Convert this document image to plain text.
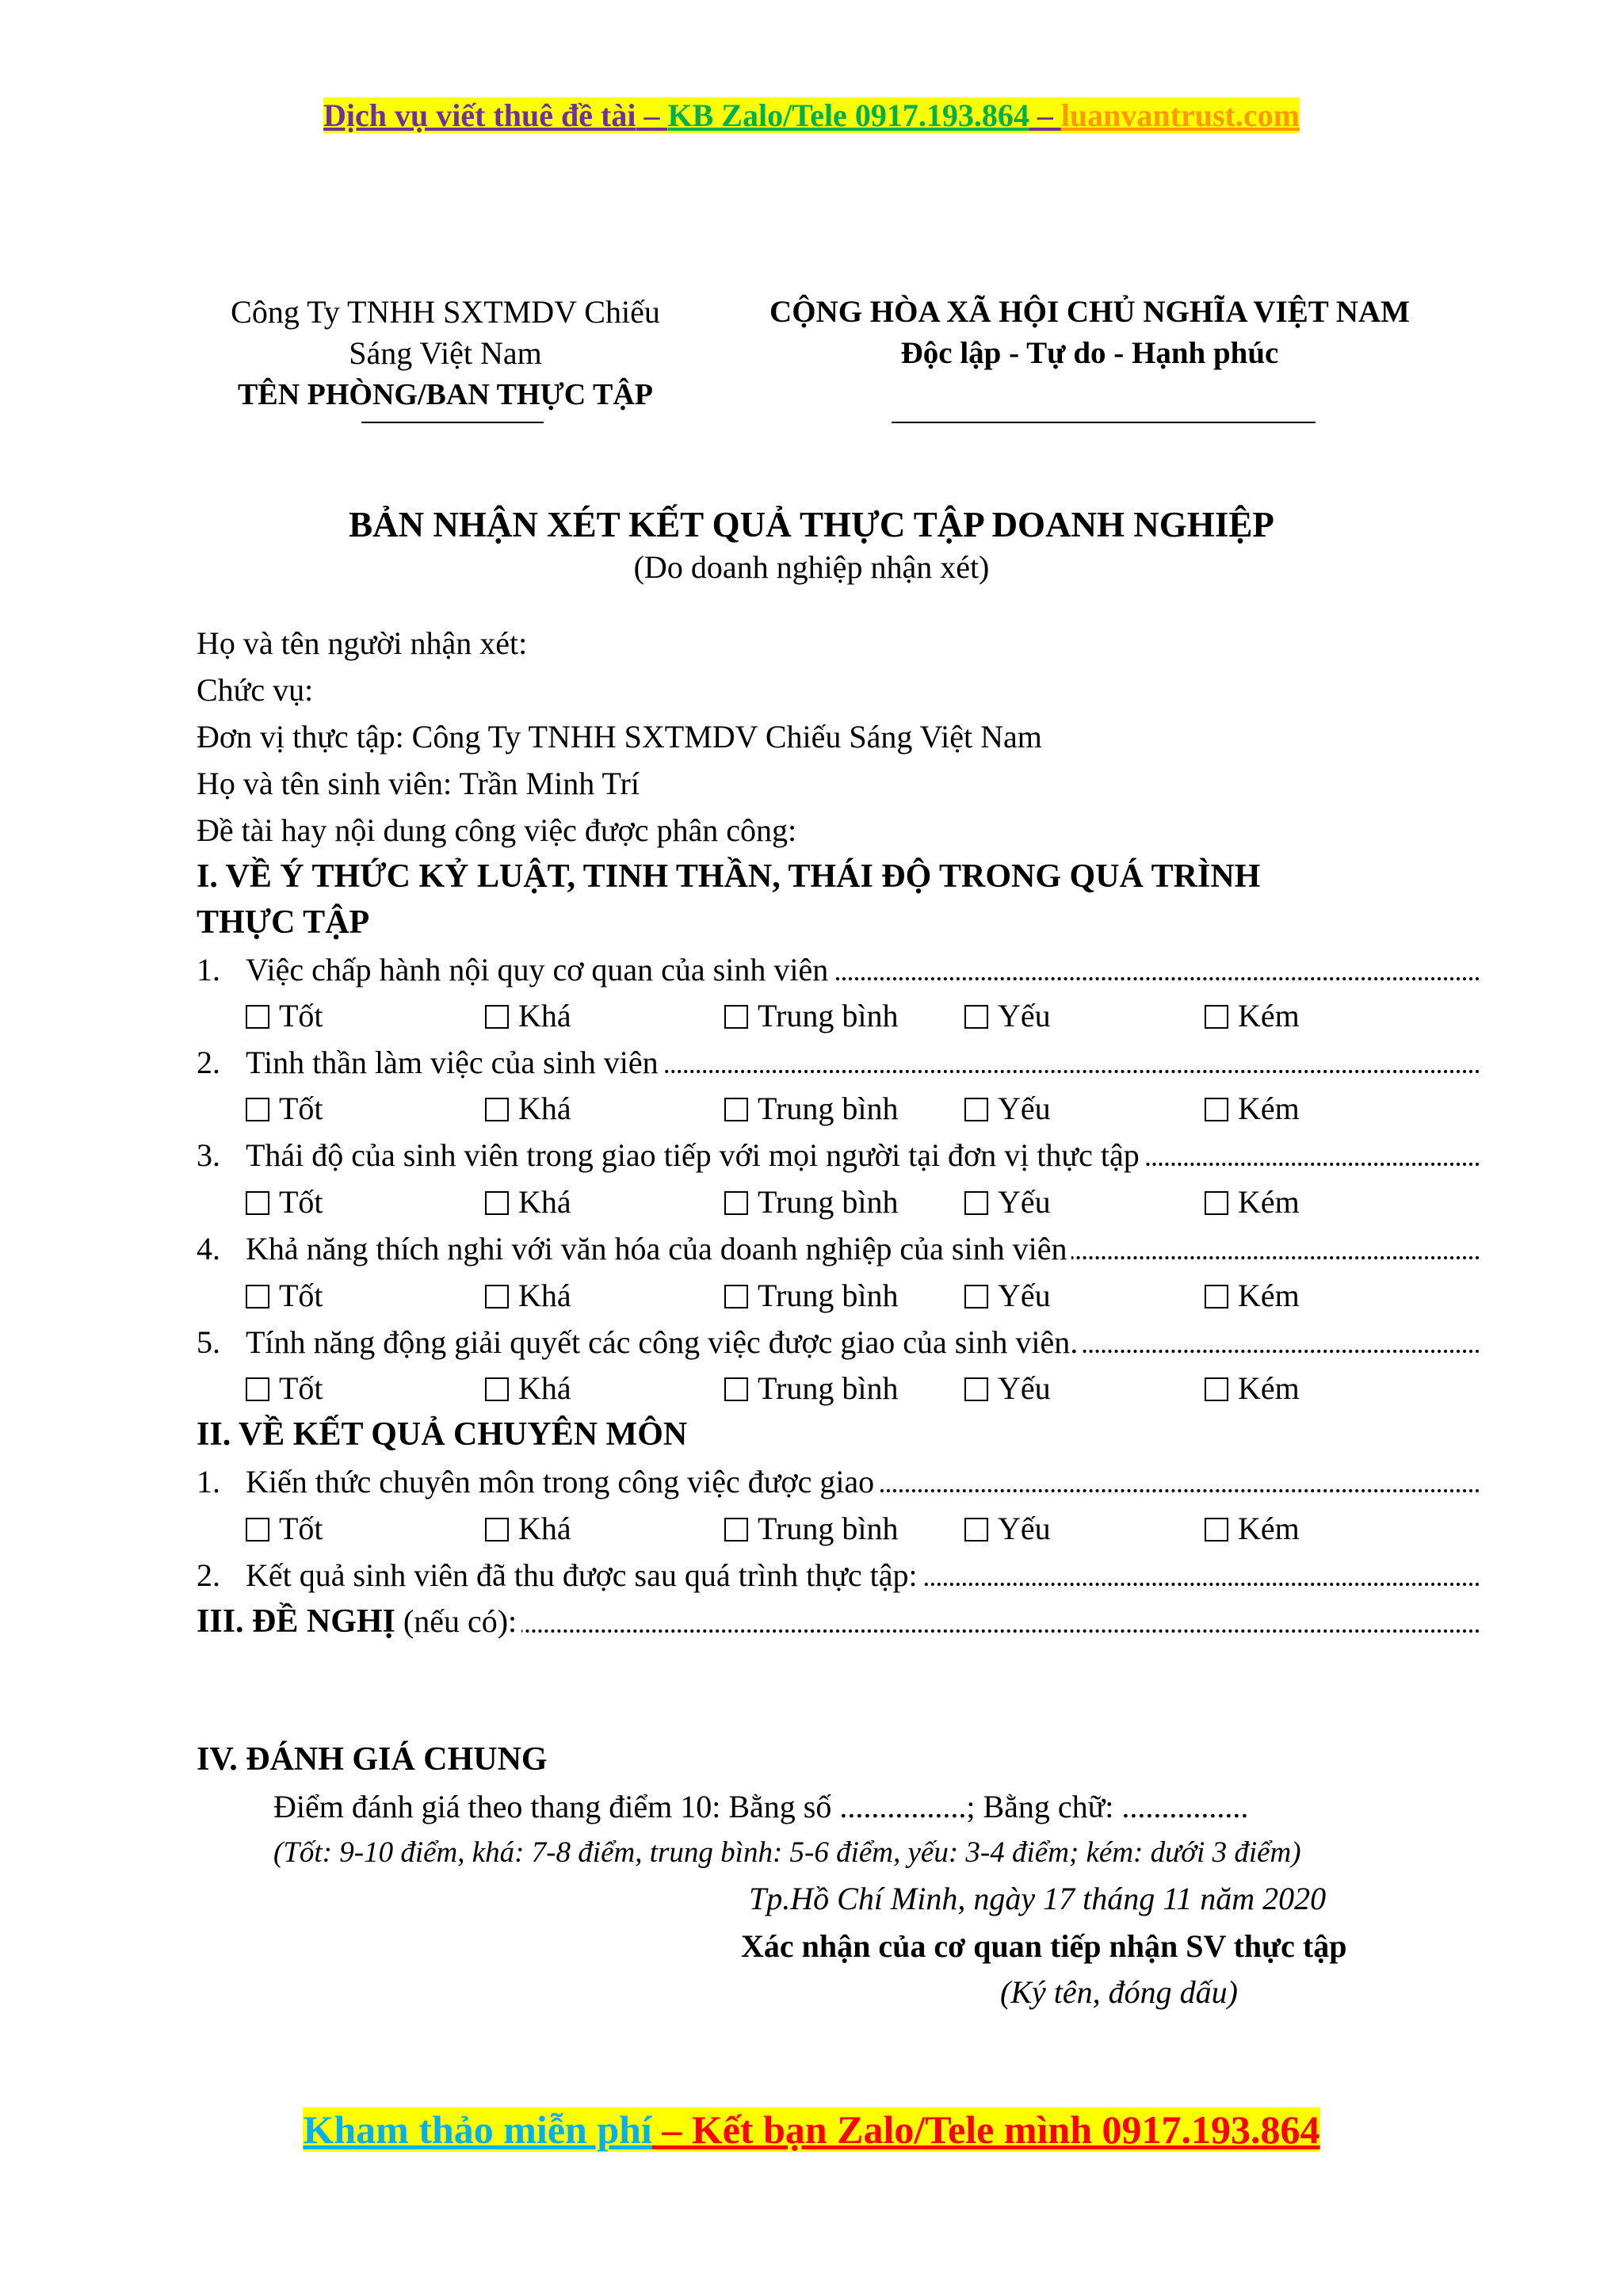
Dịch vụ viết thuê đề tài – KB Zalo/Tele 0917.193.864 – luanvantrust.com
Công Ty TNHH SXTMDV Chiếu
Sáng Việt Nam
TÊN PHÒNG/BAN THỰC TẬP
CỘNG HÒA XÃ HỘI CHỦ NGHĨA VIỆT NAM
Độc lập - Tự do - Hạnh phúc
BẢN NHẬN XÉT KẾT QUẢ THỰC TẬP DOANH NGHIỆP
(Do doanh nghiệp nhận xét)
Họ và tên người nhận xét:
Chức vụ:
Đơn vị thực tập: Công Ty TNHH SXTMDV Chiếu Sáng Việt Nam
Họ và tên sinh viên: Trần Minh Trí
Đề tài hay nội dung công việc được phân công:
I. VỀ Ý THỨC KỶ LUẬT, TINH THẦN, THÁI ĐỘ TRONG QUÁ TRÌNH
THỰC TẬP
1. Việc chấp hành nội quy cơ quan của sinh viên
Tốt	Khá	Trung bình	Yếu	Kém
2. Tinh thần làm việc của sinh viên
Tốt	Khá	Trung bình	Yếu	Kém
3. Thái độ của sinh viên trong giao tiếp với mọi người tại đơn vị thực tập
Tốt	Khá	Trung bình	Yếu	Kém
4. Khả năng thích nghi với văn hóa của doanh nghiệp của sinh viên
Tốt	Khá	Trung bình	Yếu	Kém
5. Tính năng động giải quyết các công việc được giao của sinh viên.
Tốt	Khá	Trung bình	Yếu	Kém
II. VỀ KẾT QUẢ CHUYÊN MÔN
1. Kiến thức chuyên môn trong công việc được giao
Tốt	Khá	Trung bình	Yếu	Kém
2. Kết quả sinh viên đã thu được sau quá trình thực tập:
III. ĐỀ NGHỊ (nếu có):
IV. ĐÁNH GIÁ CHUNG
Điểm đánh giá theo thang điểm 10: Bằng số ................; Bằng chữ: ................
(Tốt: 9-10 điểm, khá: 7-8 điểm, trung bình: 5-6 điểm, yếu: 3-4 điểm; kém: dưới 3 điểm)
Tp.Hồ Chí Minh, ngày 17 tháng 11 năm 2020
Xác nhận của cơ quan tiếp nhận SV thực tập
(Ký tên, đóng dấu)
Kham thảo miễn phí – Kết bạn Zalo/Tele mình 0917.193.864
